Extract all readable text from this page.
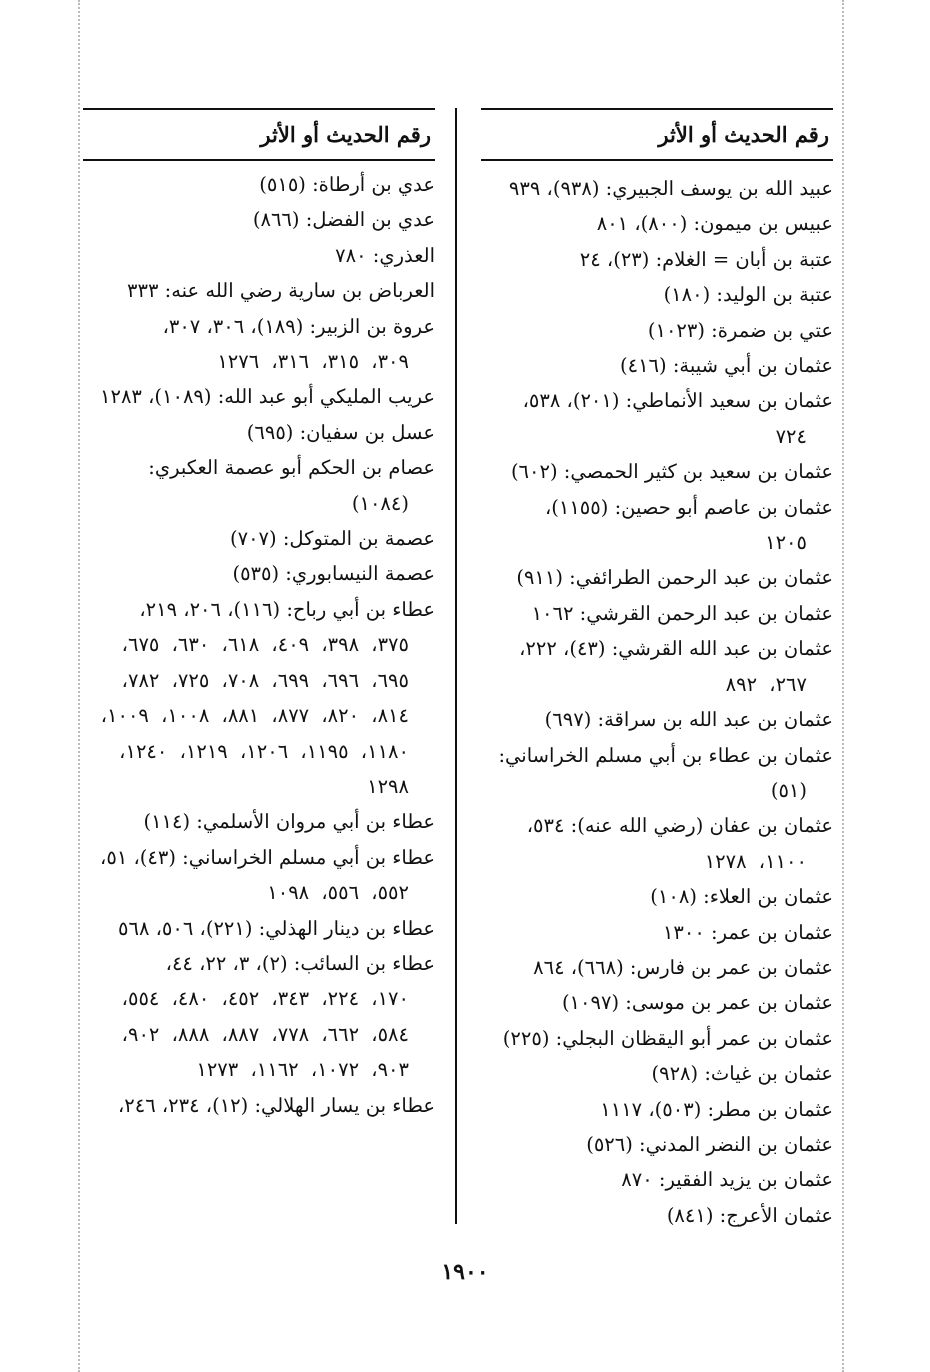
رقم الحديث أو الأثر
عبيد الله بن يوسف الجبيري: (٩٣٨)، ٩٣٩
عبيس بن ميمون: (٨٠٠)، ٨٠١
عتبة بن أبان = الغلام: (٢٣)، ٢٤
عتبة بن الوليد: (١٨٠)
عتي بن ضمرة: (١٠٢٣)
عثمان بن أبي شيبة: (٤١٦)
عثمان بن سعيد الأنماطي: (٢٠١)، ٥٣٨،
٧٢٤
عثمان بن سعيد بن كثير الحمصي: (٦٠٢)
عثمان بن عاصم أبو حصين: (١١٥٥)،
١٢٠٥
عثمان بن عبد الرحمن الطرائفي: (٩١١)
عثمان بن عبد الرحمن القرشي: ١٠٦٢
عثمان بن عبد الله القرشي: (٤٣)، ٢٢٢،
٢٦٧، ٨٩٢
عثمان بن عبد الله بن سراقة: (٦٩٧)
عثمان بن عطاء بن أبي مسلم الخراساني:
(٥١)
عثمان بن عفان (رضي الله عنه): ٥٣٤،
١١٠٠، ١٢٧٨
عثمان بن العلاء: (١٠٨)
عثمان بن عمر: ١٣٠٠
عثمان بن عمر بن فارس: (٦٦٨)، ٨٦٤
عثمان بن عمر بن موسى: (١٠٩٧)
عثمان بن عمر أبو اليقظان البجلي: (٢٢٥)
عثمان بن غياث: (٩٢٨)
عثمان بن مطر: (٥٠٣)، ١١١٧
عثمان بن النضر المدني: (٥٢٦)
عثمان بن يزيد الفقير: ٨٧٠
عثمان الأعرج: (٨٤١)
رقم الحديث أو الأثر
عدي بن أرطاة: (٥١٥)
عدي بن الفضل: (٨٦٦)
العذري: ٧٨٠
العرباض بن سارية رضي الله عنه: ٣٣٣
عروة بن الزبير: (١٨٩)، ٣٠٦، ٣٠٧،
٣٠٩، ٣١٥، ٣١٦، ١٢٧٦
عريب المليكي أبو عبد الله: (١٠٨٩)، ١٢٨٣
عسل بن سفيان: (٦٩٥)
عصام بن الحكم أبو عصمة العكبري:
(١٠٨٤)
عصمة بن المتوكل: (٧٠٧)
عصمة النيسابوري: (٥٣٥)
عطاء بن أبي رباح: (١١٦)، ٢٠٦، ٢١٩،
٣٧٥، ٣٩٨، ٤٠٩، ٦١٨، ٦٣٠، ٦٧٥، ٦٩٥، ٦٩٦، ٦٩٩، ٧٠٨، ٧٢٥، ٧٨٢، ٨١٤، ٨٢٠، ٨٧٧، ٨٨١، ١٠٠٨، ١٠٠٩، ١١٨٠، ١١٩٥، ١٢٠٦، ١٢١٩، ١٢٤٠، ١٢٩٨
عطاء بن أبي مروان الأسلمي: (١١٤)
عطاء بن أبي مسلم الخراساني: (٤٣)، ٥١،
٥٥٢، ٥٥٦، ١٠٩٨
عطاء بن دينار الهذلي: (٢٢١)، ٥٠٦، ٥٦٨
عطاء بن السائب: (٢)، ٣، ٢٢، ٤٤،
١٧٠، ٢٢٤، ٣٤٣، ٤٥٢، ٤٨٠، ٥٥٤، ٥٨٤، ٦٦٢، ٧٧٨، ٨٨٧، ٨٨٨، ٩٠٢، ٩٠٣، ١٠٧٢، ١١٦٢، ١٢٧٣
عطاء بن يسار الهلالي: (١٢)، ٢٣٤، ٢٤٦،
١٩٠٠
